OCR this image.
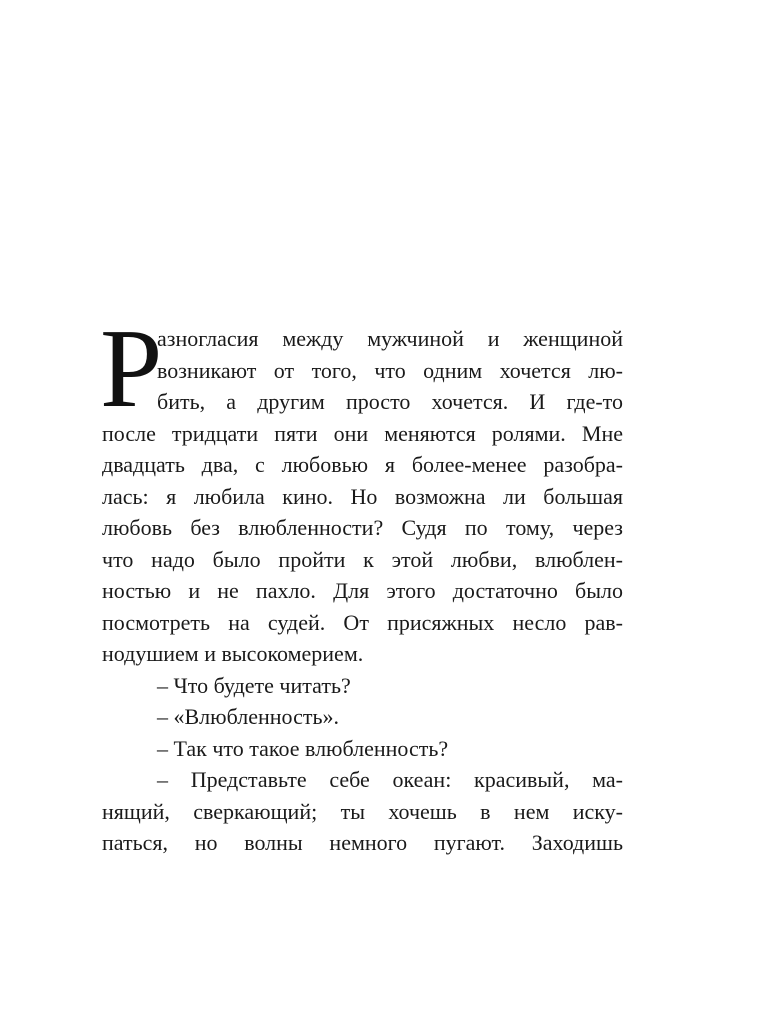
Р
азногласия между мужчиной и женщиной
возникают от того, что одним хочется лю-
бить, а другим просто хочется. И где-то
после тридцати пяти они меняются ролями. Мне
двадцать два, с любовью я более-менее разобра-
лась: я любила кино. Но возможна ли большая
любовь без влюбленности? Судя по тому, через
что надо было пройти к этой любви, влюблен-
ностью и не пахло. Для этого достаточно было
посмотреть на судей. От присяжных несло рав-
нодушием и высокомерием.
– Что будете читать?
– «Влюбленность».
– Так что такое влюбленность?
– Представьте себе океан: красивый, ма-
нящий, сверкающий; ты хочешь в нем иску-
паться, но волны немного пугают. Заходишь
